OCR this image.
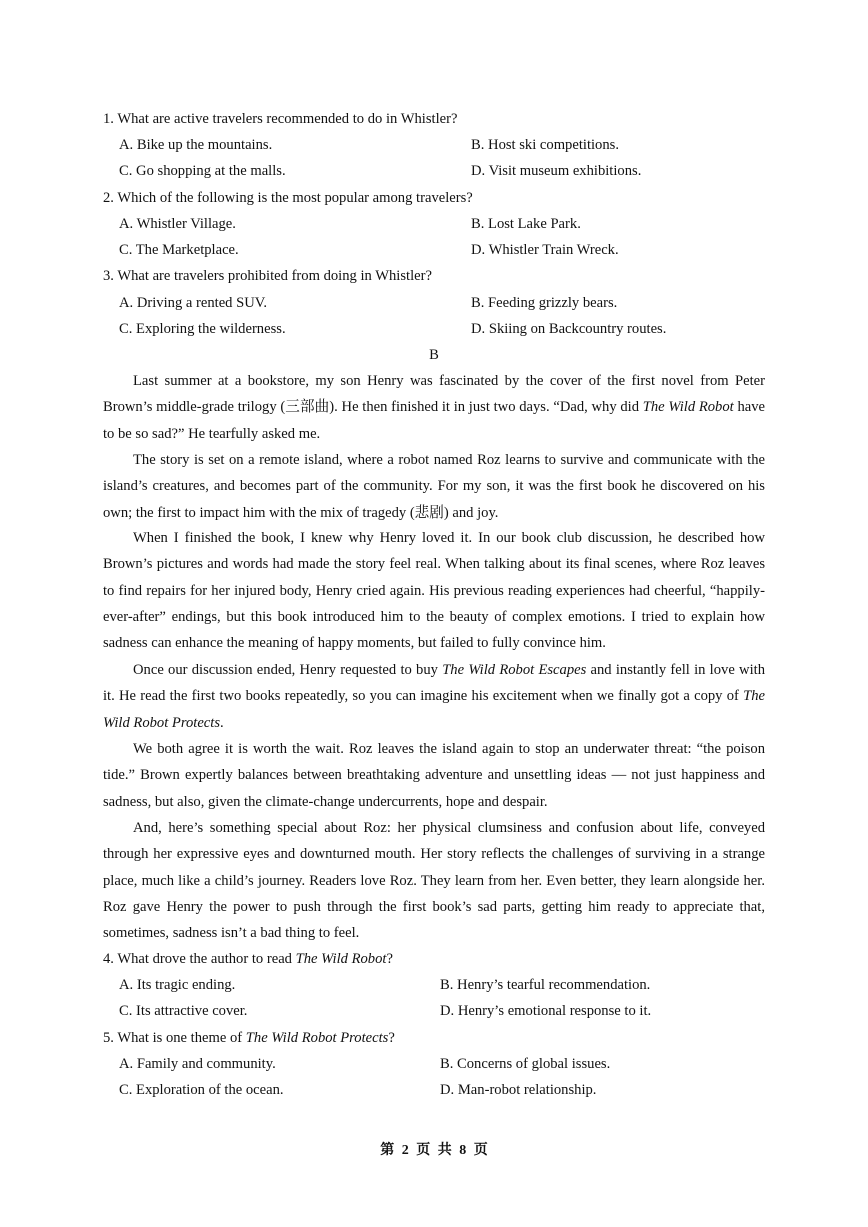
1. What are active travelers recommended to do in Whistler?
A. Bike up the mountains.	B. Host ski competitions.
C. Go shopping at the malls.	D. Visit museum exhibitions.
2. Which of the following is the most popular among travelers?
A. Whistler Village.	B. Lost Lake Park.
C. The Marketplace.	D. Whistler Train Wreck.
3. What are travelers prohibited from doing in Whistler?
A. Driving a rented SUV.	B. Feeding grizzly bears.
C. Exploring the wilderness.	D. Skiing on Backcountry routes.
B

Last summer at a bookstore, my son Henry was fascinated by the cover of the first novel from Peter Brown’s middle-grade trilogy (三部曲). He then finished it in just two days. “Dad, why did The Wild Robot have to be so sad?” He tearfully asked me.

The story is set on a remote island, where a robot named Roz learns to survive and communicate with the island’s creatures, and becomes part of the community. For my son, it was the first book he discovered on his own; the first to impact him with the mix of tragedy (悲剧) and joy.

When I finished the book, I knew why Henry loved it. In our book club discussion, he described how Brown’s pictures and words had made the story feel real. When talking about its final scenes, where Roz leaves to find repairs for her injured body, Henry cried again. His previous reading experiences had cheerful, “happily-ever-after” endings, but this book introduced him to the beauty of complex emotions. I tried to explain how sadness can enhance the meaning of happy moments, but failed to fully convince him.

Once our discussion ended, Henry requested to buy The Wild Robot Escapes and instantly fell in love with it. He read the first two books repeatedly, so you can imagine his excitement when we finally got a copy of The Wild Robot Protects.

We both agree it is worth the wait. Roz leaves the island again to stop an underwater threat: “the poison tide.” Brown expertly balances between breathtaking adventure and unsettling ideas — not just happiness and sadness, but also, given the climate-change undercurrents, hope and despair.

And, here’s something special about Roz: her physical clumsiness and confusion about life, conveyed through her expressive eyes and downturned mouth. Her story reflects the challenges of surviving in a strange place, much like a child’s journey. Readers love Roz. They learn from her. Even better, they learn alongside her. Roz gave Henry the power to push through the first book’s sad parts, getting him ready to appreciate that, sometimes, sadness isn’t a bad thing to feel.

4. What drove the author to read The Wild Robot?
A. Its tragic ending.	B. Henry’s tearful recommendation.
C. Its attractive cover.	D. Henry’s emotional response to it.
5. What is one theme of The Wild Robot Protects?
A. Family and community.	B. Concerns of global issues.
C. Exploration of the ocean.	D. Man-robot relationship.
第 2 页 共 8 页
